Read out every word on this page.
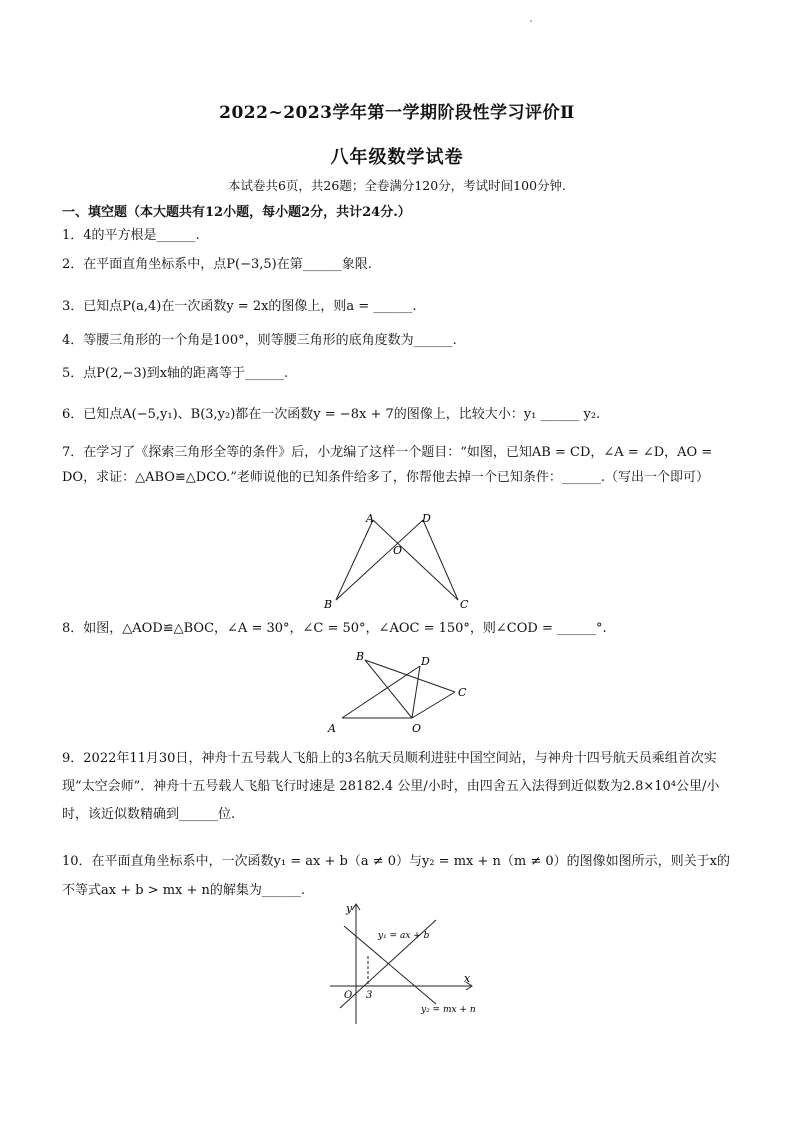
2022~2023学年第一学期阶段性学习评价Ⅱ
八年级数学试卷
本试卷共6页，共26题；全卷满分120分，考试时间100分钟.
一、填空题（本大题共有12小题，每小题2分，共计24分.）
1．4的平方根是______.
2．在平面直角坐标系中，点P(−3,5)在第______象限.
3．已知点P(a,4)在一次函数y = 2x的图像上，则a = ______.
4．等腰三角形的一个角是100°，则等腰三角形的底角度数为______.
5．点P(2,−3)到x轴的距离等于______.
6．已知点A(−5,y₁)、B(3,y₂)都在一次函数y = −8x + 7的图像上，比较大小：y₁ ______ y₂.
7．在学习了《探索三角形全等的条件》后，小龙编了这样一个题目：“如图，已知AB = CD，∠A = ∠D，AO = DO，求证：△ABO≌△DCO.”老师说他的已知条件给多了，你帮他去掉一个已知条件：______.（写出一个即可）
A	D
O
B	C
8．如图，△AOD≌△BOC，∠A = 30°，∠C = 50°，∠AOC = 150°，则∠COD = ______°.
B	D
C
A	O
9．2022年11月30日，神舟十五号载人飞船上的3名航天员顺利进驻中国空间站，与神舟十四号航天员乘组首次实现“太空会师”．神舟十五号载人飞船飞行时速是 28182.4 公里/小时，由四舍五入法得到近似数为2.8×10⁴公里/小时，该近似数精确到______位.
10．在平面直角坐标系中，一次函数y₁ = ax + b（a ≠ 0）与y₂ = mx + n（m ≠ 0）的图像如图所示，则关于x的不等式ax + b > mx + n的解集为______.
y
x
O 3
y₁ = ax + b
y₂ = mx + n
